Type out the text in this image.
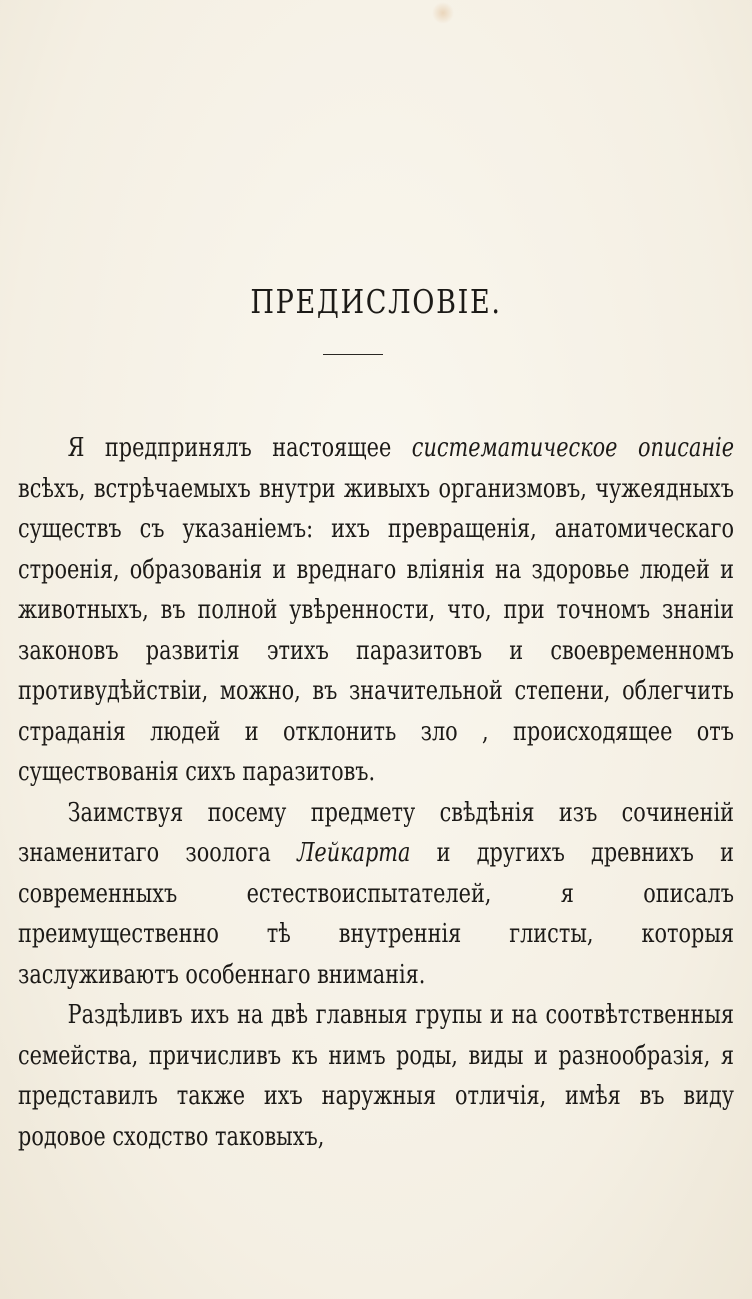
ПРЕДИСЛОВІЕ.

Я предпринялъ настоящее систематическое описаніе всѣхъ, встрѣчаемыхъ внутри живыхъ организмовъ, чужеядныхъ существъ съ указаніемъ: ихъ превращенія, анатомическаго строенія, образованія и вреднаго вліянія на здоровье людей и животныхъ, въ полной увѣренности, что, при точномъ знаніи законовъ развитія этихъ паразитовъ и своевременномъ противудѣйствіи, можно, въ значительной степени, облегчить страданія людей и отклонить зло , происходящее отъ существованія сихъ паразитовъ.

Заимствуя посему предмету свѣдѣнія изъ сочиненій знаменитаго зоолога Лейкарта и другихъ древнихъ и современныхъ естествоиспытателей, я описалъ преимущественно тѣ внутреннія глисты, которыя заслуживаютъ особеннаго вниманія.

Раздѣливъ ихъ на двѣ главныя групы и на соотвѣтственныя семейства, причисливъ къ нимъ роды, виды и разнообразія, я представилъ также ихъ наружныя отличія, имѣя въ виду родовое сходство таковыхъ,
